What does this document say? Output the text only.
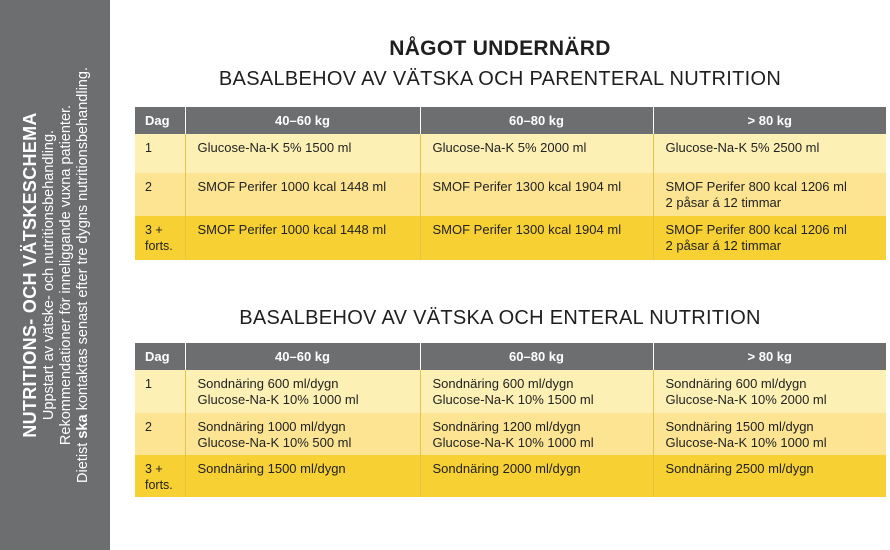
NUTRITIONS- OCH VÄTSKESCHEMA Uppstart av vätske- och nutritionsbehandling. Rekommendationer för inneliggande vuxna patienter.
Dietist ska kontaktas senast efter tre dygns nutritionsbehandling.
NÅGOT UNDERNÄRD
BASALBEHOV AV VÄTSKA OCH PARENTERAL NUTRITION
Dag	40–60 kg	60–80 kg	> 80 kg
1	Glucose-Na-K 5% 1500 ml	Glucose-Na-K 5% 2000 ml	Glucose-Na-K 5% 2500 ml
2	SMOF Perifer 1000 kcal 1448 ml	SMOF Perifer 1300 kcal 1904 ml	SMOF Perifer 800 kcal 1206 ml
2 påsar á 12 timmar
3 +
forts.	SMOF Perifer 1000 kcal 1448 ml	SMOF Perifer 1300 kcal 1904 ml	SMOF Perifer 800 kcal 1206 ml
2 påsar á 12 timmar
BASALBEHOV AV VÄTSKA OCH ENTERAL NUTRITION
Dag	40–60 kg	60–80 kg	> 80 kg
1	Sondnäring 600 ml/dygn
Glucose-Na-K 10% 1000 ml	Sondnäring 600 ml/dygn
Glucose-Na-K 10% 1500 ml	Sondnäring 600 ml/dygn
Glucose-Na-K 10% 2000 ml
2	Sondnäring 1000 ml/dygn
Glucose-Na-K 10% 500 ml	Sondnäring 1200 ml/dygn
Glucose-Na-K 10% 1000 ml	Sondnäring 1500 ml/dygn
Glucose-Na-K 10% 1000 ml
3 +
forts.	Sondnäring 1500 ml/dygn	Sondnäring 2000 ml/dygn	Sondnäring 2500 ml/dygn
